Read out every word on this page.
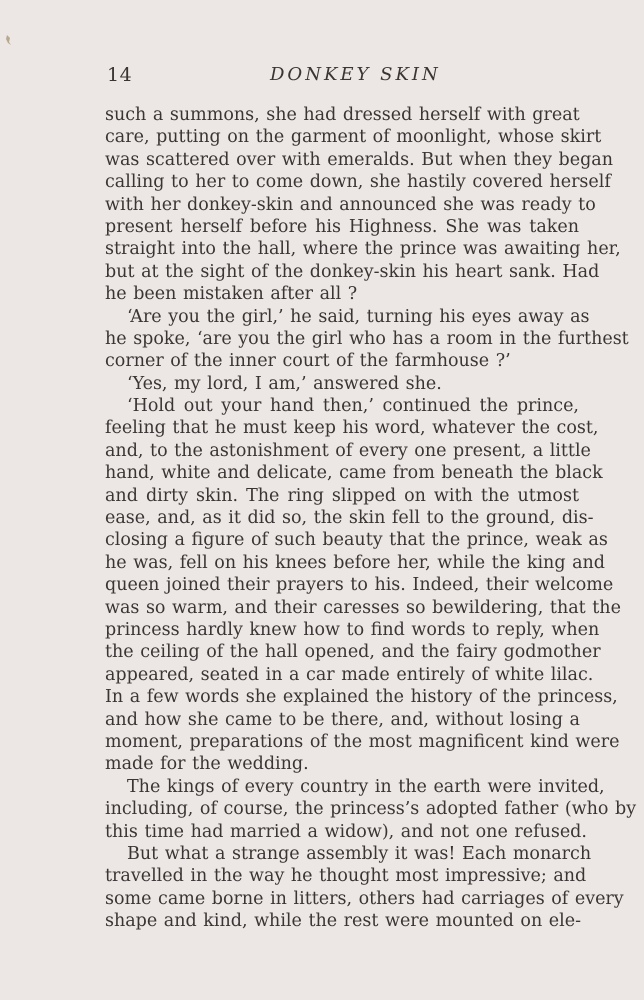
14	DONKEY SKIN
such a summons, she had dressed herself with great
care, putting on the garment of moonlight, whose skirt
was scattered over with emeralds. But when they began
calling to her to come down, she hastily covered herself
with her donkey-skin and announced she was ready to
present herself before his Highness. She was taken
straight into the hall, where the prince was awaiting her,
but at the sight of the donkey-skin his heart sank. Had
he been mistaken after all ?
‘Are you the girl,’ he said, turning his eyes away as
he spoke, ‘are you the girl who has a room in the furthest
corner of the inner court of the farmhouse ?’
‘Yes, my lord, I am,’ answered she.
‘Hold out your hand then,’ continued the prince,
feeling that he must keep his word, whatever the cost,
and, to the astonishment of every one present, a little
hand, white and delicate, came from beneath the black
and dirty skin. The ring slipped on with the utmost
ease, and, as it did so, the skin fell to the ground, dis-
closing a figure of such beauty that the prince, weak as
he was, fell on his knees before her, while the king and
queen joined their prayers to his. Indeed, their welcome
was so warm, and their caresses so bewildering, that the
princess hardly knew how to find words to reply, when
the ceiling of the hall opened, and the fairy godmother
appeared, seated in a car made entirely of white lilac.
In a few words she explained the history of the princess,
and how she came to be there, and, without losing a
moment, preparations of the most magnificent kind were
made for the wedding.
The kings of every country in the earth were invited,
including, of course, the princess’s adopted father (who by
this time had married a widow), and not one refused.
But what a strange assembly it was! Each monarch
travelled in the way he thought most impressive; and
some came borne in litters, others had carriages of every
shape and kind, while the rest were mounted on ele-
